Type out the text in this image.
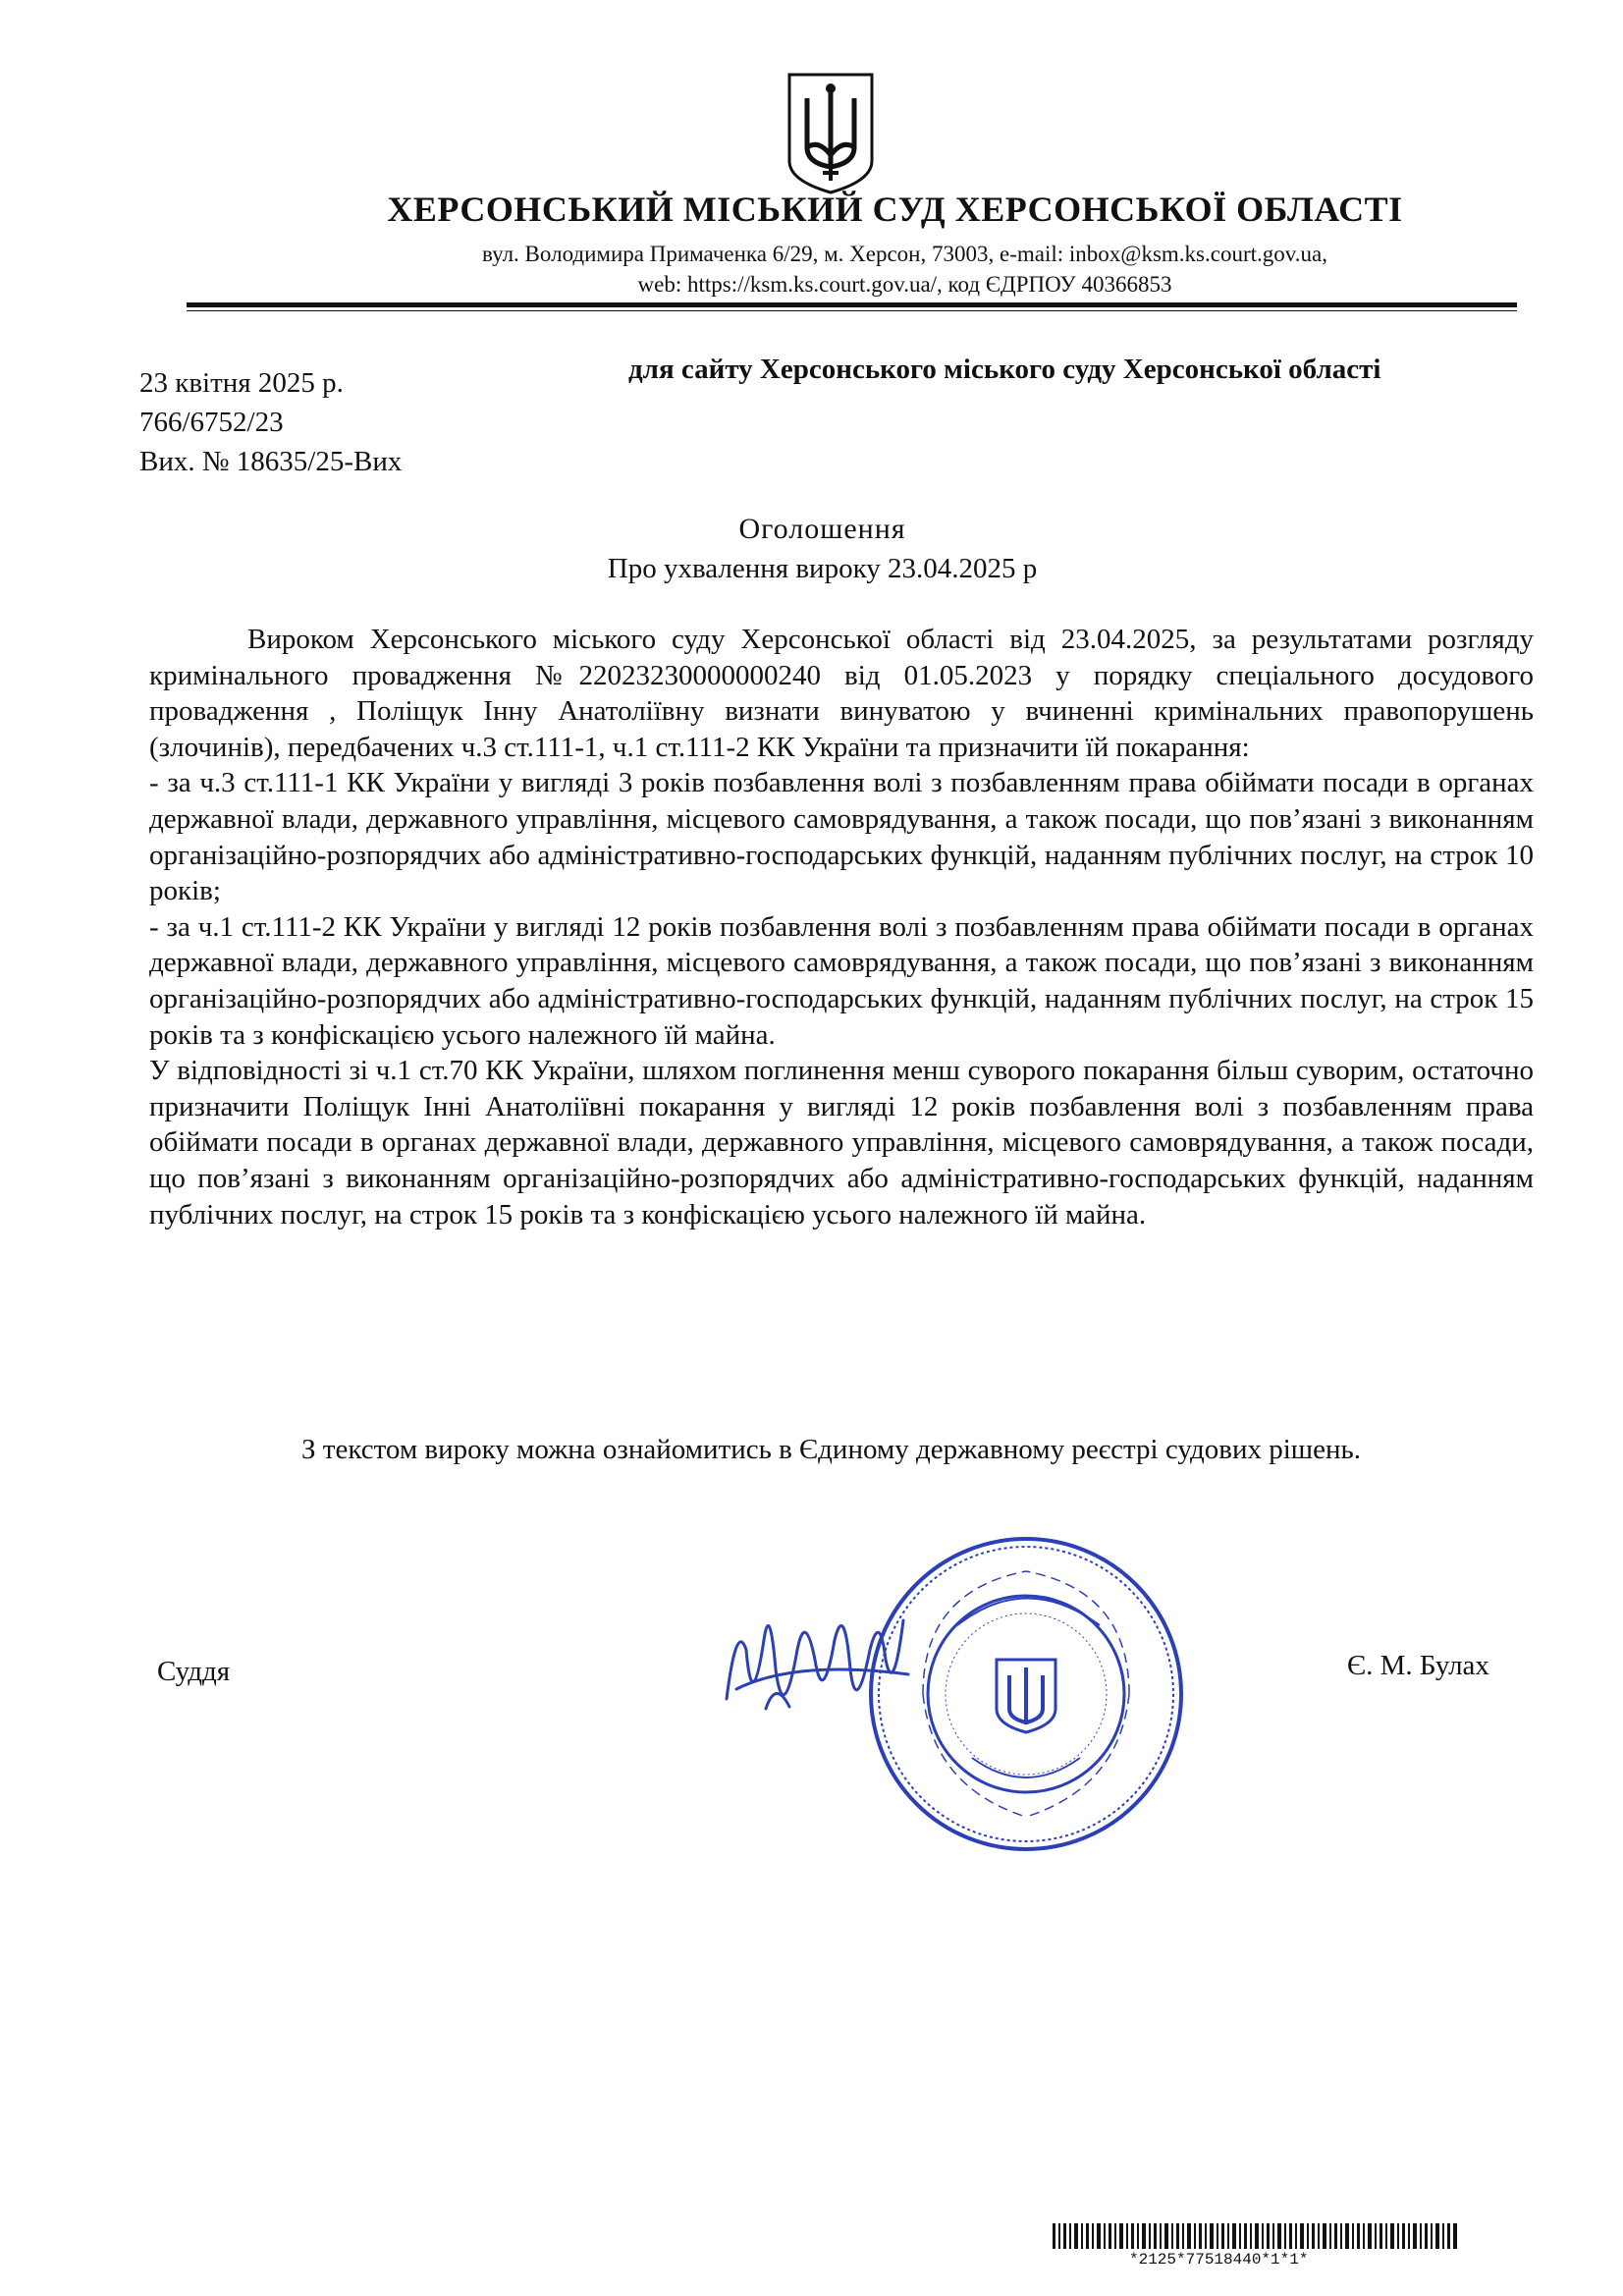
ХЕРСОНСЬКИЙ МІСЬКИЙ СУД ХЕРСОНСЬКОЇ ОБЛАСТІ
вул. Володимира Примаченка 6/29, м. Херсон, 73003, e-mail: inbox@ksm.ks.court.gov.ua,
web: https://ksm.ks.court.gov.ua/, код ЄДРПОУ 40366853
23 квітня 2025 р.
766/6752/23
Вих. № 18635/25-Вих
для сайту Херсонського міського суду Херсонської області
Оголошення
Про ухвалення вироку 23.04.2025 р

Вироком Херсонського міського суду Херсонської області від 23.04.2025, за результатами розгляду кримінального провадження №22023230000000240 від 01.05.2023 у порядку спеціального досудового провадження , Поліщук Інну Анатоліївну визнати винуватою у вчиненні кримінальних правопорушень (злочинів), передбачених ч.3 ст.111-1, ч.1 ст.111-2 КК України та призначити їй покарання:

- за ч.3 ст.111-1 КК України у вигляді 3 років позбавлення волі з позбавленням права обіймати посади в органах державної влади, державного управління, місцевого самоврядування, а також посади, що пов’язані з виконанням організаційно-розпорядчих або адміністративно-господарських функцій, наданням публічних послуг, на строк 10 років;

- за ч.1 ст.111-2 КК України у вигляді 12 років позбавлення волі з позбавленням права обіймати посади в органах державної влади, державного управління, місцевого самоврядування, а також посади, що пов’язані з виконанням організаційно-розпорядчих або адміністративно-господарських функцій, наданням публічних послуг, на строк 15 років та з конфіскацією усього належного їй майна.

У відповідності зі ч.1 ст.70 КК України, шляхом поглинення менш суворого покарання більш суворим, остаточно призначити Поліщук Інні Анатоліївні покарання у вигляді 12 років позбавлення волі з позбавленням права обіймати посади в органах державної влади, державного управління, місцевого самоврядування, а також посади, що пов’язані з виконанням організаційно-розпорядчих або адміністративно-господарських функцій, наданням публічних послуг, на строк 15 років та з конфіскацією усього належного їй майна.

З текстом вироку можна ознайомитись в Єдиному державному реєстрі судових рішень.
Суддя	Є. М. Булах
*2125*77518440*1*1*
